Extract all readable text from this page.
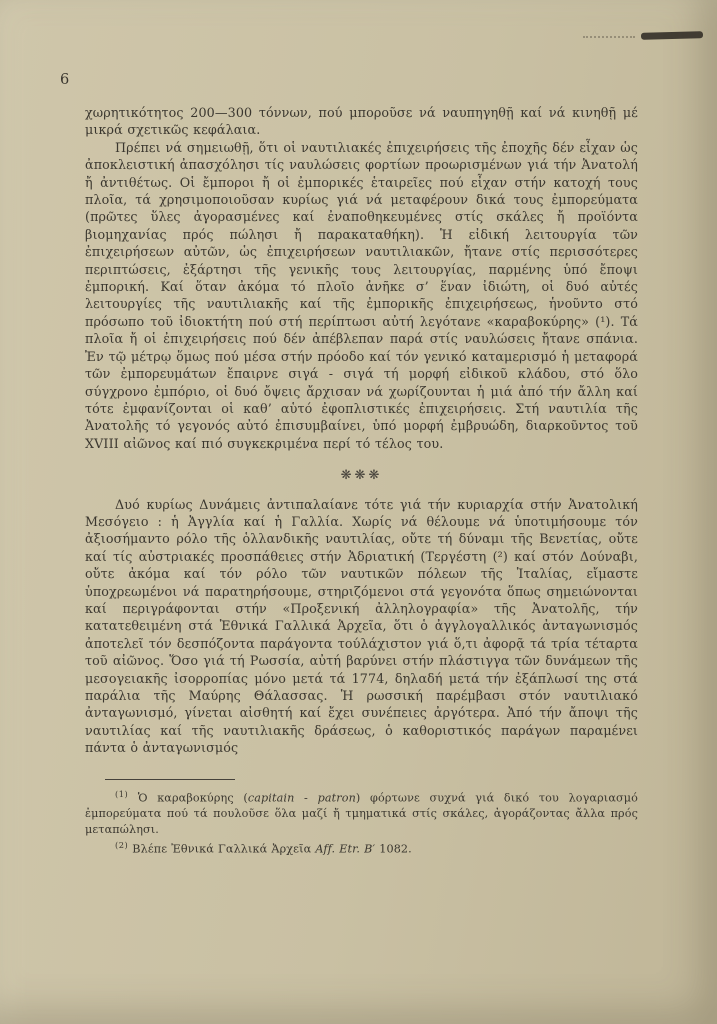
6

χωρητικότητος 200—300 τόννων, πού μποροῦσε νά ναυπηγηθῇ καί νά κινηθῇ μέ μικρά σχετικῶς κεφάλαια.

Πρέπει νά σημειωθῇ, ὅτι οἱ ναυτιλιακές ἐπιχειρήσεις τῆς ἐποχῆς δέν εἶχαν ὡς ἀποκλειστική ἀπασχόλησι τίς ναυλώσεις φορτίων προωρισμένων γιά τήν Ἀνατολή ἤ ἀντιθέτως. Οἱ ἔμποροι ἤ οἱ ἐμπορικές ἑταιρεῖες πού εἶχαν στήν κατοχή τους πλοῖα, τά χρησιμοποιοῦσαν κυρίως γιά νά μεταφέρουν δικά τους ἐμπορεύματα (πρῶτες ὕλες ἀγορασμένες καί ἐναποθηκευμένες στίς σκάλες ἤ προϊόντα βιομηχανίας πρός πώλησι ἤ παρακαταθήκη). Ἡ εἰδική λειτουργία τῶν ἐπιχειρήσεων αὐτῶν, ὡς ἐπιχειρήσεων ναυτιλιακῶν, ἤτανε στίς περισσότερες περιπτώσεις, ἐξάρτησι τῆς γενικῆς τους λειτουργίας, παρμένης ὑπό ἔποψι ἐμπορική. Καί ὅταν ἀκόμα τό πλοῖο ἀνῆκε σ’ ἕναν ἰδιώτη, οἱ δυό αὐτές λειτουργίες τῆς ναυτιλιακῆς καί τῆς ἐμπορικῆς ἐπιχειρήσεως, ἡνοῦντο στό πρόσωπο τοῦ ἰδιοκτήτη πού στή περίπτωσι αὐτή λεγότανε «καραβοκύρης» (¹). Τά πλοῖα ἤ οἱ ἐπιχειρήσεις πού δέν ἀπέβλεπαν παρά στίς ναυλώσεις ἤτανε σπάνια. Ἐν τῷ μέτρῳ ὅμως πού μέσα στήν πρόοδο καί τόν γενικό καταμερισμό ἡ μεταφορά τῶν ἐμπορευμάτων ἔπαιρνε σιγά - σιγά τή μορφή εἰδικοῦ κλάδου, στό ὅλο σύγχρονο ἐμπόριο, οἱ δυό ὄψεις ἄρχισαν νά χωρίζουνται ἡ μιά ἀπό τήν ἄλλη καί τότε ἐμφανίζονται οἱ καθ’ αὑτό ἐφοπλιστικές ἐπιχειρήσεις. Στή ναυτιλία τῆς Ἀνατολῆς τό γεγονός αὐτό ἐπισυμβαίνει, ὑπό μορφή ἐμβρυώδη, διαρκοῦντος τοῦ XVIII αἰῶνος καί πιό συγκεκριμένα περί τό τέλος του.

❋❋❋

Δυό κυρίως Δυνάμεις ἀντιπαλαίανε τότε γιά τήν κυριαρχία στήν Ἀνατολική Μεσόγειο : ἡ Ἀγγλία καί ἡ Γαλλία. Χωρίς νά θέλουμε νά ὑποτιμήσουμε τόν ἀξιοσήμαντο ρόλο τῆς ὁλλανδικῆς ναυτιλίας, οὔτε τή δύναμι τῆς Βενετίας, οὔτε καί τίς αὐστριακές προσπάθειες στήν Ἀδριατική (Τεργέστη (²) καί στόν Δούναβι, οὔτε ἀκόμα καί τόν ρόλο τῶν ναυτικῶν πόλεων τῆς Ἰταλίας, εἴμαστε ὑποχρεωμένοι νά παρατηρήσουμε, στηριζόμενοι στά γεγονότα ὅπως σημειώνονται καί περιγράφονται στήν «Προξενική ἀλληλογραφία» τῆς Ἀνατολῆς, τήν κατατεθειμένη στά Ἐθνικά Γαλλικά Ἀρχεῖα, ὅτι ὁ ἀγγλογαλλικός ἀνταγωνισμός ἀποτελεῖ τόν δεσπόζοντα παράγοντα τούλάχιστον γιά ὅ,τι ἀφορᾷ τά τρία τέταρτα τοῦ αἰῶνος. Ὅσο γιά τή Ρωσσία, αὐτή βαρύνει στήν πλάστιγγα τῶν δυνάμεων τῆς μεσογειακῆς ἰσορροπίας μόνο μετά τά 1774, δηλαδή μετά τήν ἐξάπλωσί της στά παράλια τῆς Μαύρης Θάλασσας. Ἡ ρωσσική παρέμβασι στόν ναυτιλιακό ἀνταγωνισμό, γίνεται αἰσθητή καί ἔχει συνέπειες ἀργότερα. Ἀπό τήν ἄποψι τῆς ναυτιλίας καί τῆς ναυτιλιακῆς δράσεως, ὁ καθοριστικός παράγων παραμένει πάντα ὁ ἀνταγωνισμός

$^{(1)}$ Ὁ καραβοκύρης (capitain - patron) φόρτωνε συχνά γιά δικό του λογαριασμό ἐμπορεύματα πού τά πουλοῦσε ὅλα μαζί ἤ τμηματικά στίς σκάλες, ἀγοράζοντας ἄλλα πρός μεταπώλησι.

$^{(2)}$ Βλέπε Ἐθνικά Γαλλικά Ἀρχεῖα Aff. Etr. B′ 1082.
